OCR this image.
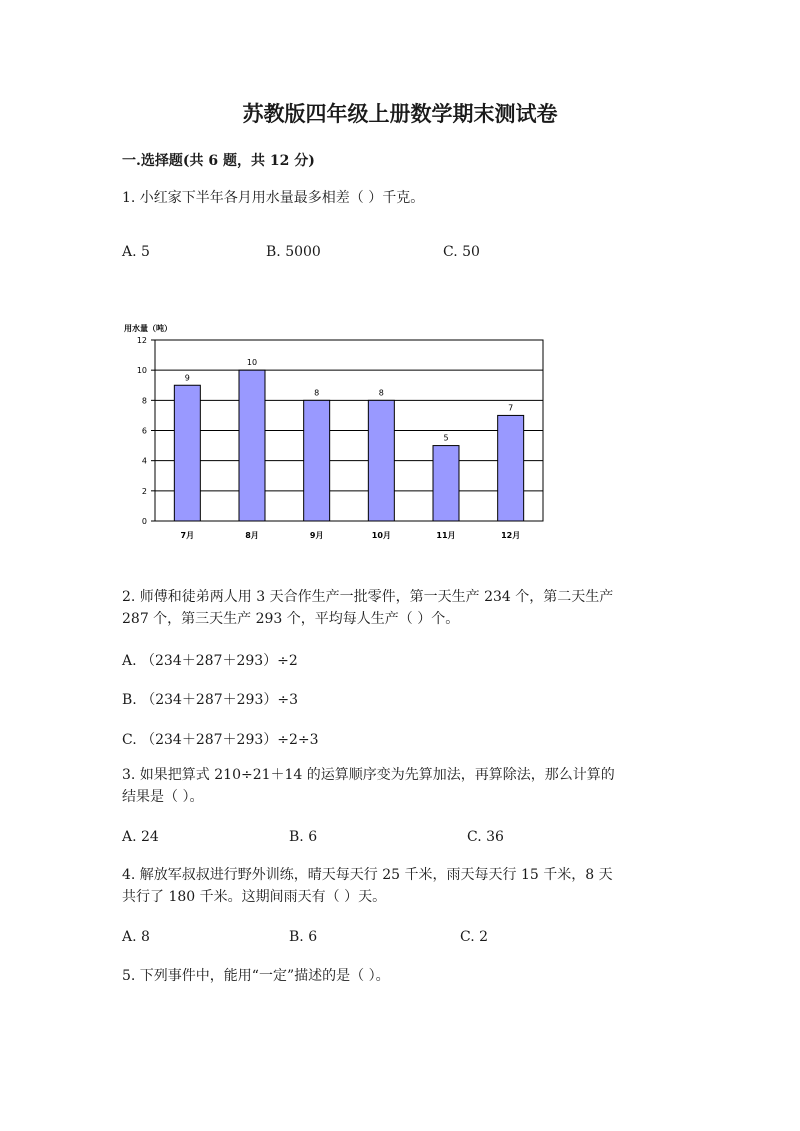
苏教版四年级上册数学期末测试卷
一.选择题(共 6 题，共 12 分)
1. 小红家下半年各月用水量最多相差（ ）千克。
A. 5	B. 5000	C. 50
用水量（吨）
0
2
4
6
8
10
12
9
7月
10
8月
8
9月
8
10月
5
11月
7
12月
2. 师傅和徒弟两人用 3 天合作生产一批零件，第一天生产 234 个，第二天生产
287 个，第三天生产 293 个，平均每人生产（ ）个。
A. （234＋287＋293）÷2
B. （234＋287＋293）÷3
C. （234＋287＋293）÷2÷3
3. 如果把算式 210÷21＋14 的运算顺序变为先算加法，再算除法，那么计算的
结果是（ ）。
A. 24	B. 6	C. 36
4. 解放军叔叔进行野外训练，晴天每天行 25 千米，雨天每天行 15 千米，8 天
共行了 180 千米。这期间雨天有（ ）天。
A. 8	B. 6	C. 2
5. 下列事件中，能用“一定”描述的是（ ）。
